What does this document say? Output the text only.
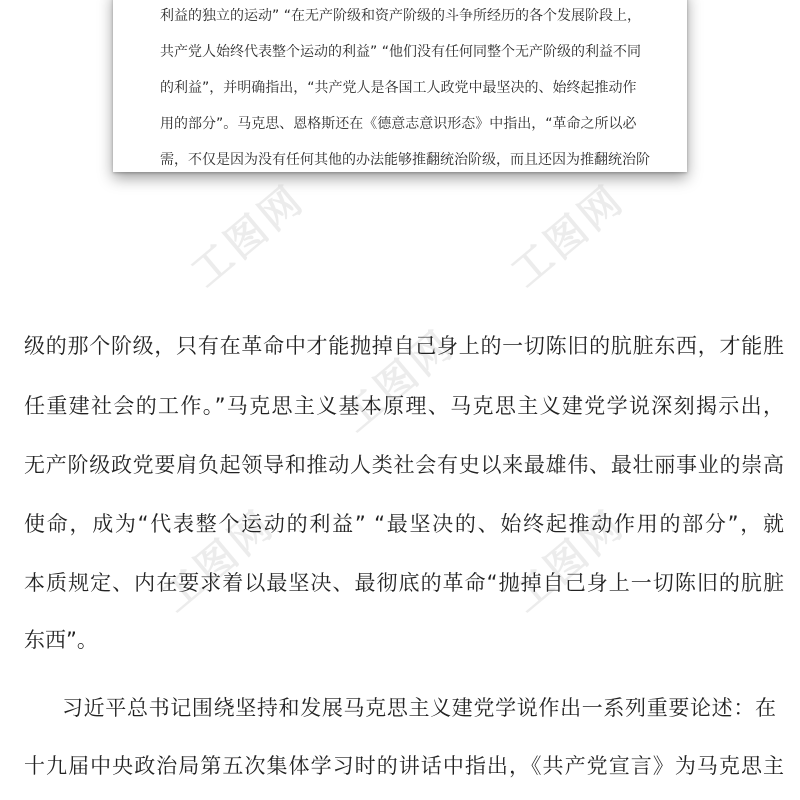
利益的独立的运动” “在无产阶级和资产阶级的斗争所经历的各个发展阶段上，
共产党人始终代表整个运动的利益” “他们没有任何同整个无产阶级的利益不同
的利益”，并明确指出，“共产党人是各国工人政党中最坚决的、始终起推动作
用的部分”。马克思、恩格斯还在《德意志意识形态》中指出，“革命之所以必
需，不仅是因为没有任何其他的办法能够推翻统治阶级，而且还因为推翻统治阶
工图网	工图网
工图网
工图网	工图网
级的那个阶级，只有在革命中才能抛掉自己身上的一切陈旧的肮脏东西，才能胜
任重建社会的工作。”马克思主义基本原理、马克思主义建党学说深刻揭示出，
无产阶级政党要肩负起领导和推动人类社会有史以来最雄伟、最壮丽事业的崇高
使命，成为“代表整个运动的利益” “最坚决的、始终起推动作用的部分”，就
本质规定、内在要求着以最坚决、最彻底的革命“抛掉自己身上一切陈旧的肮脏
东西”。
习近平总书记围绕坚持和发展马克思主义建党学说作出一系列重要论述：在
十九届中央政治局第五次集体学习时的讲话中指出，《共产党宣言》为马克思主
